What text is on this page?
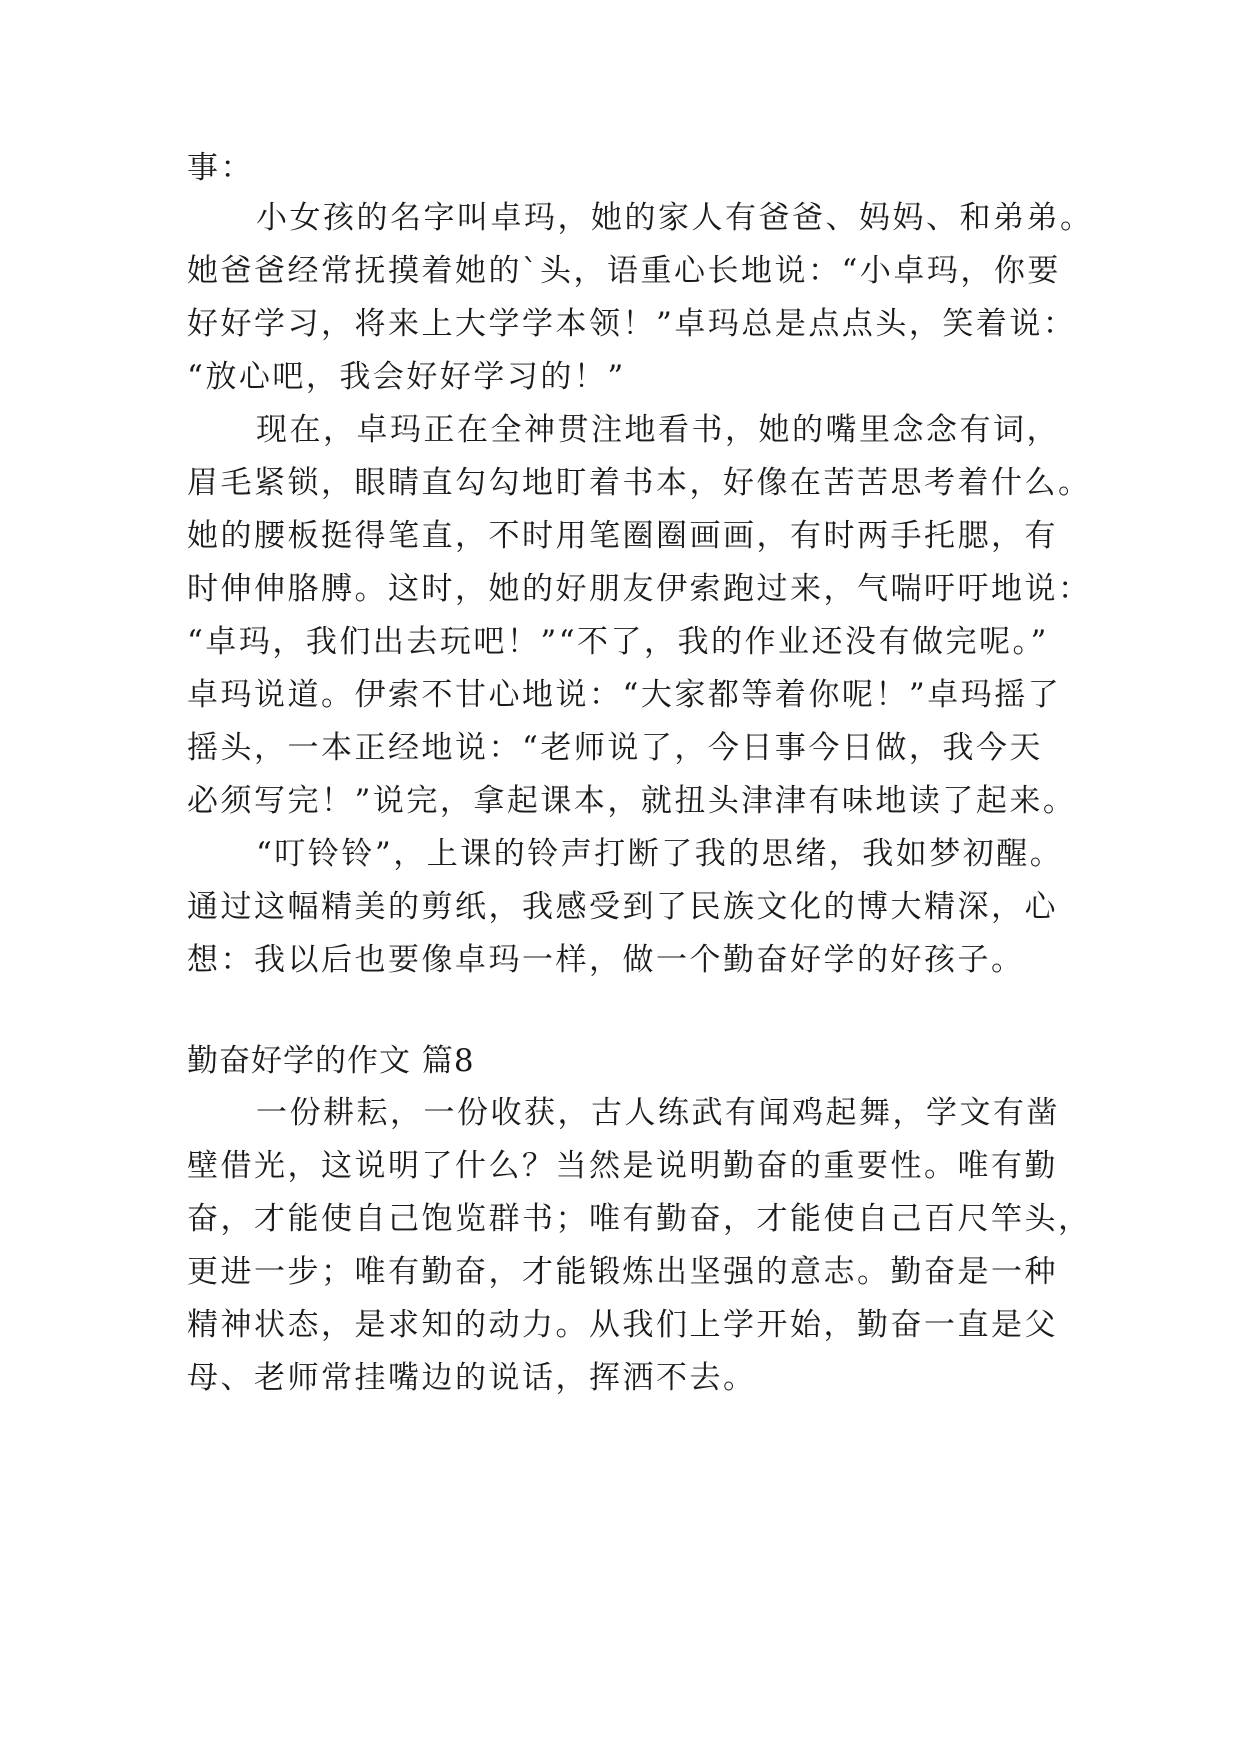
事：
小女孩的名字叫卓玛，她的家人有爸爸、妈妈、和弟弟。
她爸爸经常抚摸着她的`头，语重心长地说：“小卓玛，你要
好好学习，将来上大学学本领！”卓玛总是点点头，笑着说：
“放心吧，我会好好学习的！”
现在，卓玛正在全神贯注地看书，她的嘴里念念有词，
眉毛紧锁，眼睛直勾勾地盯着书本，好像在苦苦思考着什么。
她的腰板挺得笔直，不时用笔圈圈画画，有时两手托腮，有
时伸伸胳膊。这时，她的好朋友伊索跑过来，气喘吁吁地说：
“卓玛，我们出去玩吧！”“不了，我的作业还没有做完呢。”
卓玛说道。伊索不甘心地说：“大家都等着你呢！”卓玛摇了
摇头，一本正经地说：“老师说了，今日事今日做，我今天
必须写完！”说完，拿起课本，就扭头津津有味地读了起来。
“叮铃铃”，上课的铃声打断了我的思绪，我如梦初醒。
通过这幅精美的剪纸，我感受到了民族文化的博大精深，心
想：我以后也要像卓玛一样，做一个勤奋好学的好孩子。
勤奋好学的作文 篇8
一份耕耘，一份收获，古人练武有闻鸡起舞，学文有凿
壁借光，这说明了什么？当然是说明勤奋的重要性。唯有勤
奋，才能使自己饱览群书；唯有勤奋，才能使自己百尺竿头，
更进一步；唯有勤奋，才能锻炼出坚强的意志。勤奋是一种
精神状态，是求知的动力。从我们上学开始，勤奋一直是父
母、老师常挂嘴边的说话，挥洒不去。
